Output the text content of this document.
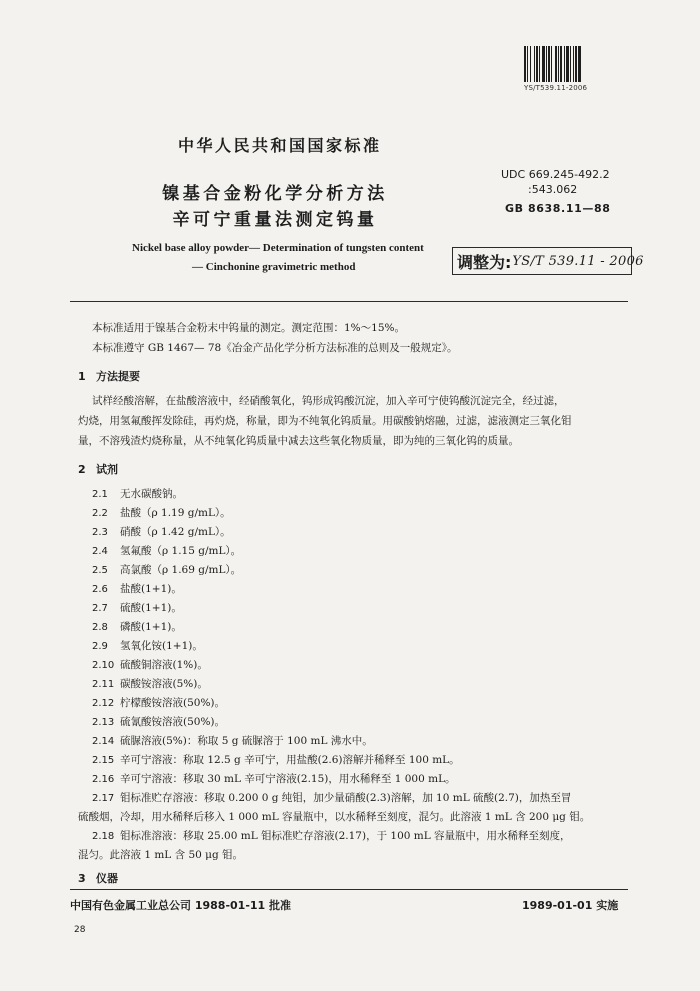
YS/T539.11-2006
中华人民共和国国家标准
UDC 669.245-492.2
:543.062
GB 8638.11—88
镍基合金粉化学分析方法
辛可宁重量法测定钨量
Nickel base alloy powder— Determination of tungsten content
— Cinchonine gravimetric method	调整为: YS/T 539.11 - 2006
本标准适用于镍基合金粉末中钨量的测定。测定范围：1%～15%。
本标准遵守 GB 1467— 78《冶金产品化学分析方法标准的总则及一般规定》。
1 方法提要
试样经酸溶解，在盐酸溶液中，经硝酸氧化，钨形成钨酸沉淀，加入辛可宁使钨酸沉淀完全，经过滤，
灼烧，用氢氟酸挥发除硅，再灼烧，称量，即为不纯氧化钨质量。用碳酸钠熔融，过滤，滤液测定三氧化钼
量，不溶残渣灼烧称量，从不纯氧化钨质量中减去这些氧化物质量，即为纯的三氧化钨的质量。
2 试剂
2.1 无水碳酸钠。
2.2 盐酸（ρ 1.19 g/mL）。
2.3 硝酸（ρ 1.42 g/mL）。
2.4 氢氟酸（ρ 1.15 g/mL）。
2.5 高氯酸（ρ 1.69 g/mL）。
2.6 盐酸(1+1)。
2.7 硫酸(1+1)。
2.8 磷酸(1+1)。
2.9 氢氧化铵(1+1)。
2.10 硫酸铜溶液(1%)。
2.11 碳酸铵溶液(5%)。
2.12 柠檬酸铵溶液(50%)。
2.13 硫氰酸铵溶液(50%)。
2.14 硫脲溶液(5%)：称取 5 g 硫脲溶于 100 mL 沸水中。
2.15 辛可宁溶液：称取 12.5 g 辛可宁，用盐酸(2.6)溶解并稀释至 100 mL。
2.16 辛可宁溶液：移取 30 mL 辛可宁溶液(2.15)，用水稀释至 1 000 mL。
2.17 钼标准贮存溶液：移取 0.200 0 g 纯钼，加少量硝酸(2.3)溶解，加 10 mL 硫酸(2.7)，加热至冒
硫酸烟，冷却，用水稀释后移入 1 000 mL 容量瓶中，以水稀释至刻度，混匀。此溶液 1 mL 含 200 μg 钼。
2.18 钼标准溶液：移取 25.00 mL 钼标准贮存溶液(2.17)，于 100 mL 容量瓶中，用水稀释至刻度，
混匀。此溶液 1 mL 含 50 μg 钼。
中国有色金属工业总公司 1988-01-11 批准	1989-01-01 实施
28
3 仪器
